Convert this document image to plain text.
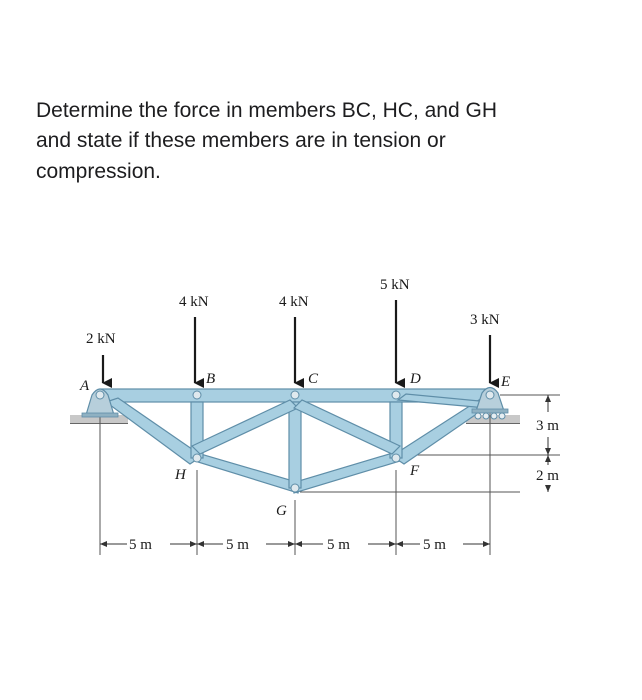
Determine the force in members BC, HC, and GH
and state if these members are in tension or
compression.
2 kN
4 kN	4 kN
5 kN
3 kN
A	B	C	D	E
H
G
F
5 m	5 m	5 m	5 m
3 m
2 m
